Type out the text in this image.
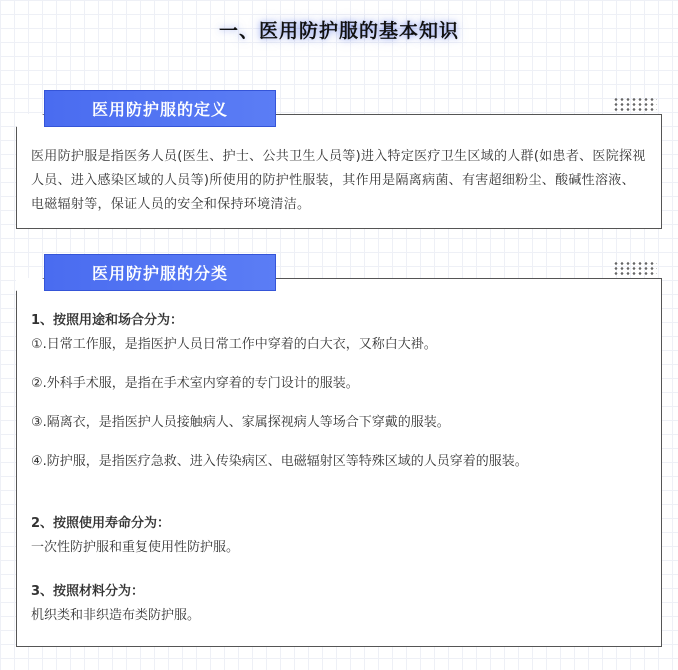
一、医用防护服的基本知识

医用防护服是指医务人员(医生、护士、公共卫生人员等)进入特定医疗卫生区域的人群(如患者、医院探视人员、进入感染区域的人员等)所使用的防护性服装，其作用是隔离病菌、有害超细粉尘、酸碱性溶液、电磁辐射等，保证人员的安全和保持环境清洁。

医用防护服的定义

1、按照用途和场合分为：

①.日常工作服，是指医护人员日常工作中穿着的白大衣，又称白大褂。

②.外科手术服，是指在手术室内穿着的专门设计的服装。

③.隔离衣，是指医护人员接触病人、家属探视病人等场合下穿戴的服装。

④.防护服，是指医疗急救、进入传染病区、电磁辐射区等特殊区域的人员穿着的服装。

2、按照使用寿命分为：

一次性防护服和重复使用性防护服。

3、按照材料分为：

机织类和非织造布类防护服。

医用防护服的分类
